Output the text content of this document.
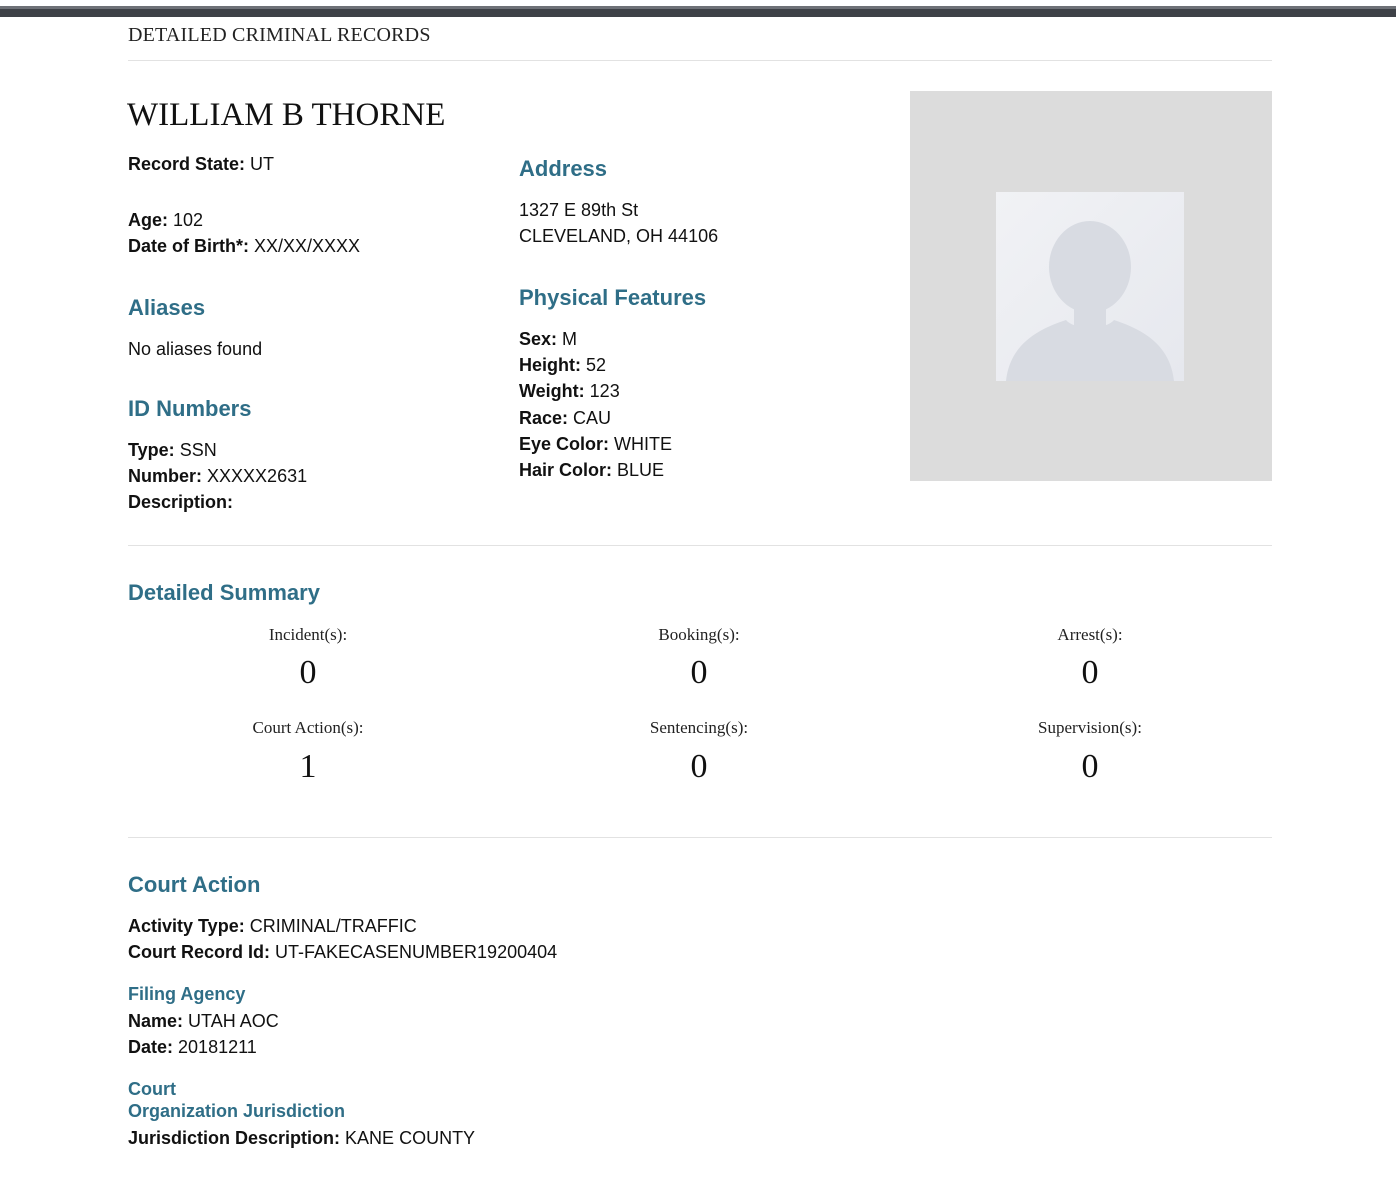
DETAILED CRIMINAL RECORDS
WILLIAM B THORNE
Record State: UT
Age: 102
Date of Birth*: XX/XX/XXXX
Aliases
No aliases found
ID Numbers
Type: SSN
Number: XXXXX2631
Description:
Address
1327 E 89th St
CLEVELAND, OH 44106
Physical Features
Sex: M
Height: 52
Weight: 123
Race: CAU
Eye Color: WHITE
Hair Color: BLUE
Detailed Summary
Incident(s):
0
Booking(s):
0
Arrest(s):
0
Court Action(s):
1
Sentencing(s):
0
Supervision(s):
0
Court Action
Activity Type: CRIMINAL/TRAFFIC
Court Record Id: UT-FAKECASENUMBER19200404
Filing Agency
Name: UTAH AOC
Date: 20181211
Court
Organization Jurisdiction
Jurisdiction Description: KANE COUNTY
